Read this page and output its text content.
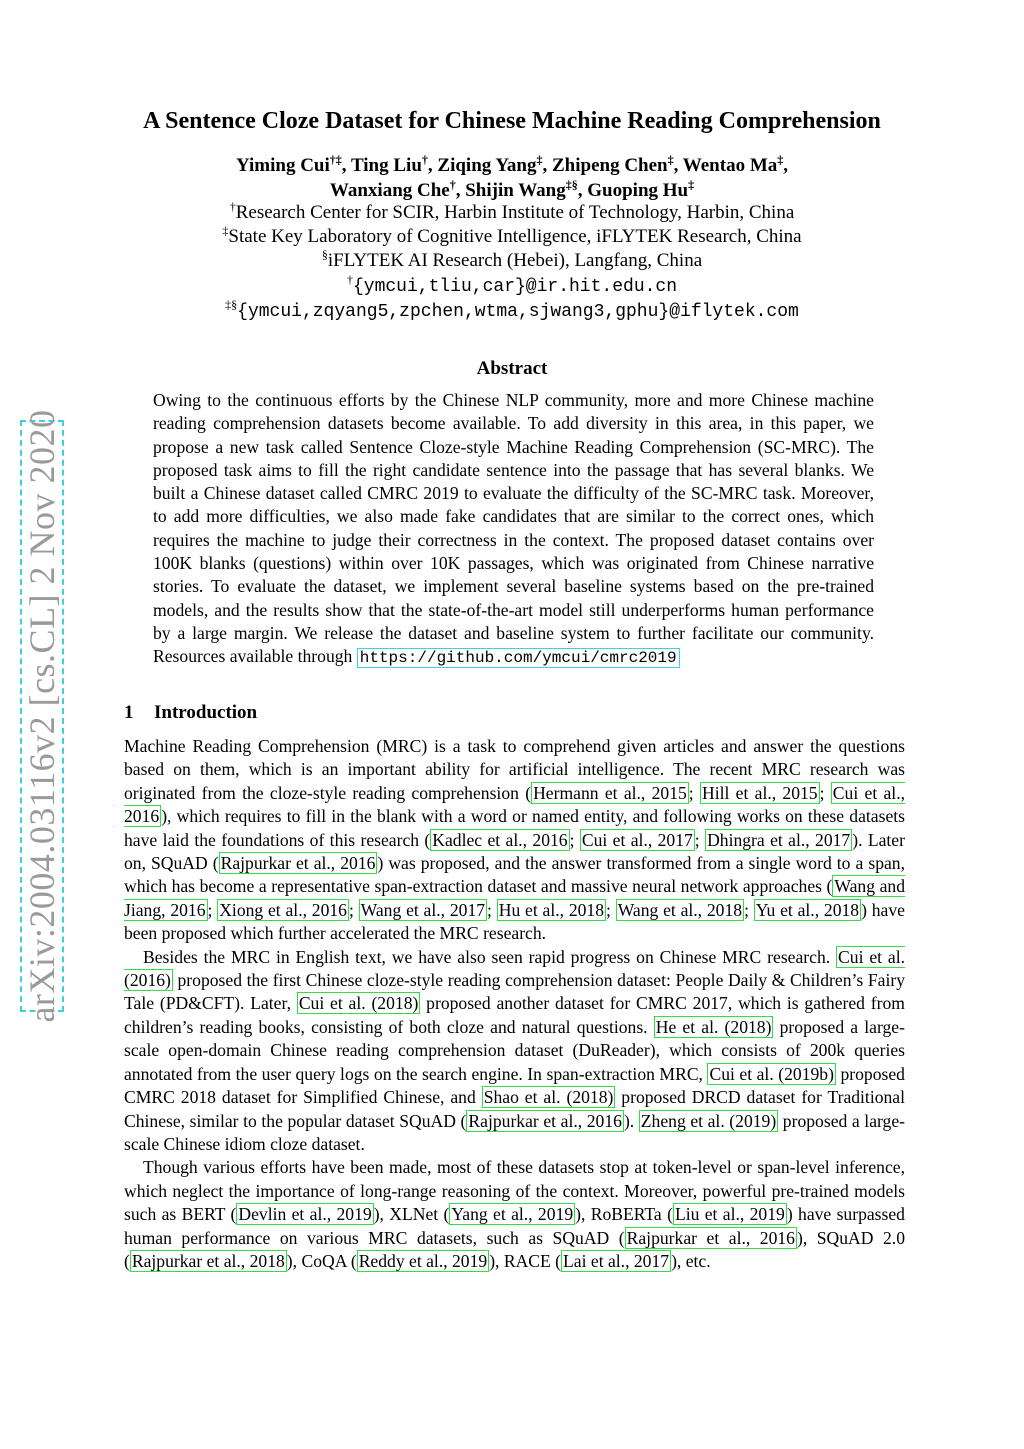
arXiv:2004.03116v2 [cs.CL] 2 Nov 2020
A Sentence Cloze Dataset for Chinese Machine Reading Comprehension
Yiming Cui†‡, Ting Liu†, Ziqing Yang‡, Zhipeng Chen‡, Wentao Ma‡,
Wanxiang Che†, Shijin Wang‡§, Guoping Hu‡
†Research Center for SCIR, Harbin Institute of Technology, Harbin, China
‡State Key Laboratory of Cognitive Intelligence, iFLYTEK Research, China
§iFLYTEK AI Research (Hebei), Langfang, China
†{ymcui,tliu,car}@ir.hit.edu.cn
‡§{ymcui,zqyang5,zpchen,wtma,sjwang3,gphu}@iflytek.com
Abstract
Owing to the continuous efforts by the Chinese NLP community, more and more Chinese machine reading comprehension datasets become available. To add diversity in this area, in this paper, we propose a new task called Sentence Cloze-style Machine Reading Comprehension (SC-MRC). The proposed task aims to fill the right candidate sentence into the passage that has several blanks. We built a Chinese dataset called CMRC 2019 to evaluate the difficulty of the SC-MRC task. Moreover, to add more difficulties, we also made fake candidates that are similar to the correct ones, which requires the machine to judge their correctness in the context. The proposed dataset contains over 100K blanks (questions) within over 10K passages, which was originated from Chinese narrative stories. To evaluate the dataset, we implement several baseline systems based on the pre-trained models, and the results show that the state-of-the-art model still underperforms human performance by a large margin. We release the dataset and baseline system to further facilitate our community. Resources available through https://github.com/ymcui/cmrc2019
1 Introduction

Machine Reading Comprehension (MRC) is a task to comprehend given articles and answer the questions based on them, which is an important ability for artificial intelligence. The recent MRC research was originated from the cloze-style reading comprehension ( Hermann et al., 2015 ; Hill et al., 2015 ; Cui et al., 2016 ), which requires to fill in the blank with a word or named entity, and following works on these datasets have laid the foundations of this research ( Kadlec et al., 2016 ; Cui et al., 2017 ; Dhingra et al., 2017 ). Later on, SQuAD ( Rajpurkar et al., 2016 ) was proposed, and the answer transformed from a single word to a span, which has become a representative span-extraction dataset and massive neural network approaches ( Wang and Jiang, 2016 ; Xiong et al., 2016 ; Wang et al., 2017 ; Hu et al., 2018 ; Wang et al., 2018 ; Yu et al., 2018 ) have been proposed which further accelerated the MRC research.

Besides the MRC in English text, we have also seen rapid progress on Chinese MRC research. Cui et al. (2016) proposed the first Chinese cloze-style reading comprehension dataset: People Daily & Children’s Fairy Tale (PD&CFT). Later, Cui et al. (2018) proposed another dataset for CMRC 2017, which is gathered from children’s reading books, consisting of both cloze and natural questions. He et al. (2018) proposed a large-scale open-domain Chinese reading comprehension dataset (DuReader), which consists of 200k queries annotated from the user query logs on the search engine. In span-extraction MRC, Cui et al. (2019b) proposed CMRC 2018 dataset for Simplified Chinese, and Shao et al. (2018) proposed DRCD dataset for Traditional Chinese, similar to the popular dataset SQuAD ( Rajpurkar et al., 2016 ). Zheng et al. (2019) proposed a large-scale Chinese idiom cloze dataset.

Though various efforts have been made, most of these datasets stop at token-level or span-level inference, which neglect the importance of long-range reasoning of the context. Moreover, powerful pre-trained models such as BERT ( Devlin et al., 2019 ), XLNet ( Yang et al., 2019 ), RoBERTa ( Liu et al., 2019 ) have surpassed human performance on various MRC datasets, such as SQuAD ( Rajpurkar et al., 2016 ), SQuAD 2.0 ( Rajpurkar et al., 2018 ), CoQA ( Reddy et al., 2019 ), RACE ( Lai et al., 2017 ), etc.
